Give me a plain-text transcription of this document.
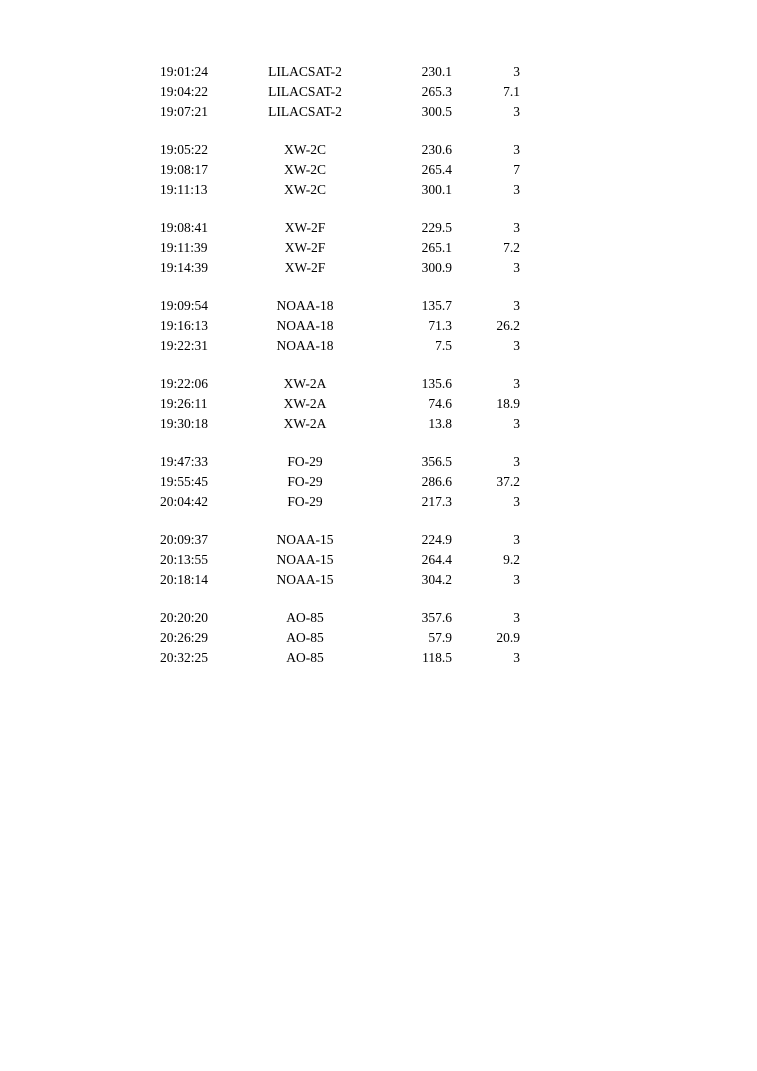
19:01:24	LILACSAT-2	230.1	3
19:04:22	LILACSAT-2	265.3	7.1
19:07:21	LILACSAT-2	300.5	3

19:05:22	XW-2C	230.6	3
19:08:17	XW-2C	265.4	7
19:11:13	XW-2C	300.1	3

19:08:41	XW-2F	229.5	3
19:11:39	XW-2F	265.1	7.2
19:14:39	XW-2F	300.9	3

19:09:54	NOAA-18	135.7	3
19:16:13	NOAA-18	71.3	26.2
19:22:31	NOAA-18	7.5	3

19:22:06	XW-2A	135.6	3
19:26:11	XW-2A	74.6	18.9
19:30:18	XW-2A	13.8	3

19:47:33	FO-29	356.5	3
19:55:45	FO-29	286.6	37.2
20:04:42	FO-29	217.3	3

20:09:37	NOAA-15	224.9	3
20:13:55	NOAA-15	264.4	9.2
20:18:14	NOAA-15	304.2	3

20:20:20	AO-85	357.6	3
20:26:29	AO-85	57.9	20.9
20:32:25	AO-85	118.5	3
